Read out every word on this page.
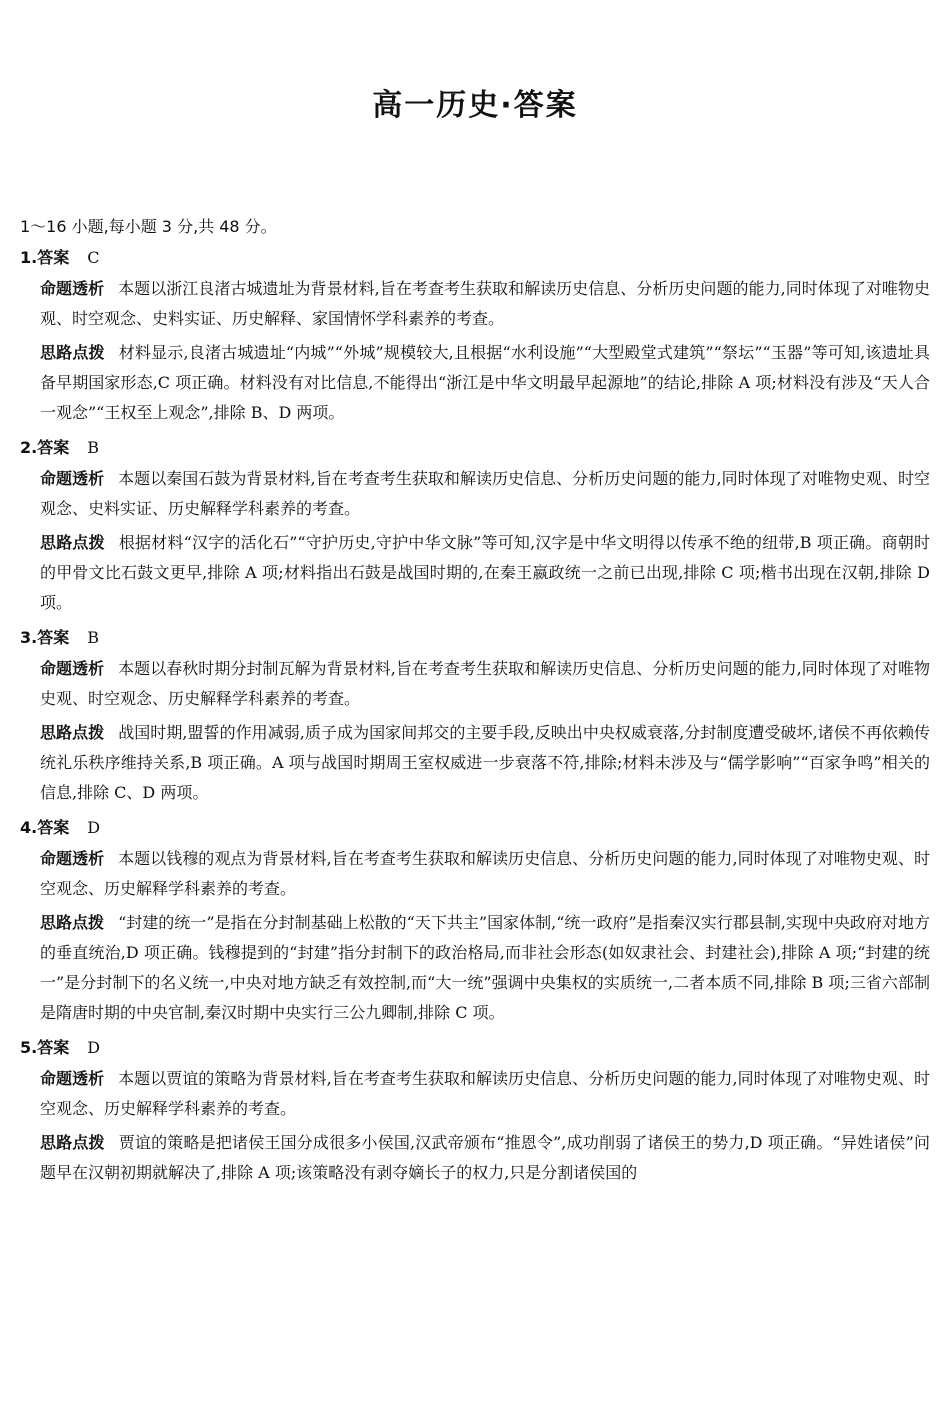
高一历史·答案

1～16 小题,每小题 3 分,共 48 分。

1.答案 C

命题透析 本题以浙江良渚古城遗址为背景材料,旨在考查考生获取和解读历史信息、分析历史问题的能力,同时体现了对唯物史观、时空观念、史料实证、历史解释、家国情怀学科素养的考查。

思路点拨 材料显示,良渚古城遗址“内城”“外城”规模较大,且根据“水利设施”“大型殿堂式建筑”“祭坛”“玉器”等可知,该遗址具备早期国家形态,C 项正确。材料没有对比信息,不能得出“浙江是中华文明最早起源地”的结论,排除 A 项;材料没有涉及“天人合一观念”“王权至上观念”,排除 B、D 两项。

2.答案 B

命题透析 本题以秦国石鼓为背景材料,旨在考查考生获取和解读历史信息、分析历史问题的能力,同时体现了对唯物史观、时空观念、史料实证、历史解释学科素养的考查。

思路点拨 根据材料“汉字的活化石”“守护历史,守护中华文脉”等可知,汉字是中华文明得以传承不绝的纽带,B 项正确。商朝时的甲骨文比石鼓文更早,排除 A 项;材料指出石鼓是战国时期的,在秦王嬴政统一之前已出现,排除 C 项;楷书出现在汉朝,排除 D 项。

3.答案 B

命题透析 本题以春秋时期分封制瓦解为背景材料,旨在考查考生获取和解读历史信息、分析历史问题的能力,同时体现了对唯物史观、时空观念、历史解释学科素养的考查。

思路点拨 战国时期,盟誓的作用减弱,质子成为国家间邦交的主要手段,反映出中央权威衰落,分封制度遭受破坏,诸侯不再依赖传统礼乐秩序维持关系,B 项正确。A 项与战国时期周王室权威进一步衰落不符,排除;材料未涉及与“儒学影响”“百家争鸣”相关的信息,排除 C、D 两项。

4.答案 D

命题透析 本题以钱穆的观点为背景材料,旨在考查考生获取和解读历史信息、分析历史问题的能力,同时体现了对唯物史观、时空观念、历史解释学科素养的考查。

思路点拨 “封建的统一”是指在分封制基础上松散的“天下共主”国家体制,“统一政府”是指秦汉实行郡县制,实现中央政府对地方的垂直统治,D 项正确。钱穆提到的“封建”指分封制下的政治格局,而非社会形态(如奴隶社会、封建社会),排除 A 项;“封建的统一”是分封制下的名义统一,中央对地方缺乏有效控制,而“大一统”强调中央集权的实质统一,二者本质不同,排除 B 项;三省六部制是隋唐时期的中央官制,秦汉时期中央实行三公九卿制,排除 C 项。

5.答案 D

命题透析 本题以贾谊的策略为背景材料,旨在考查考生获取和解读历史信息、分析历史问题的能力,同时体现了对唯物史观、时空观念、历史解释学科素养的考查。

思路点拨 贾谊的策略是把诸侯王国分成很多小侯国,汉武帝颁布“推恩令”,成功削弱了诸侯王的势力,D 项正确。“异姓诸侯”问题早在汉朝初期就解决了,排除 A 项;该策略没有剥夺嫡长子的权力,只是分割诸侯国的
